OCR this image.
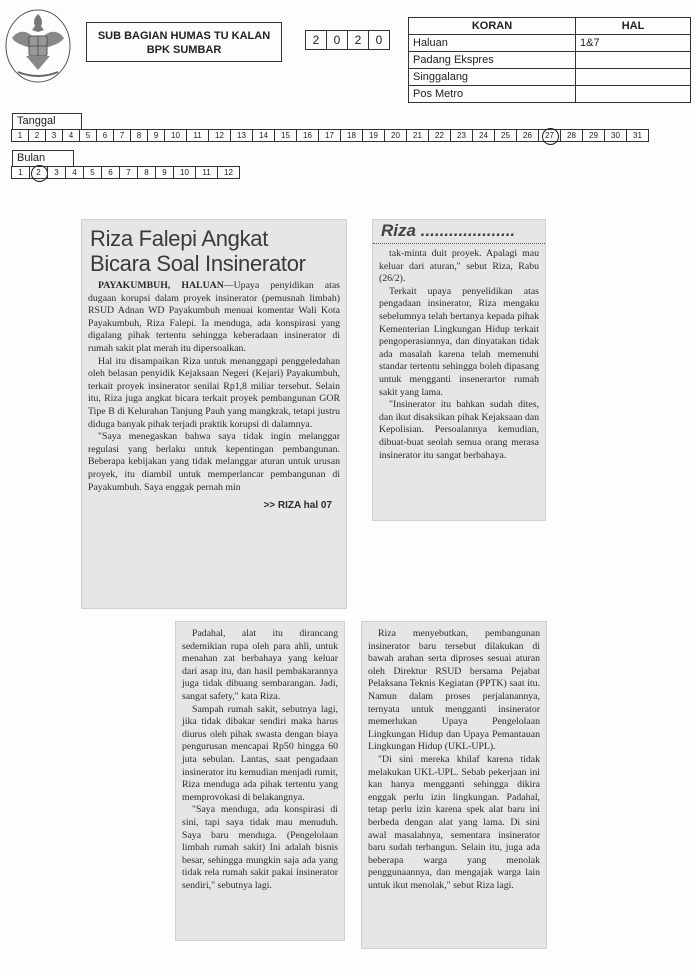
SUB BAGIAN HUMAS TU KALAN
BPK SUMBAR
2	0	2	0
KORAN	HAL
Haluan	1&7
Padang Ekspres	
Singgalang	
Pos Metro	
Tanggal
1	2	3	4	5	6	7	8	9	10	11	12	13	14	15	16	17	18	19	20	21	22	23	24	25	26	27	28	29	30	31
Bulan
1	2	3	4	5	6	7	8	9	10	11	12
Riza Falepi Angkat
Bicara Soal Insinerator

PAYAKUMBUH, HALUAN—Upaya penyidikan atas dugaan korupsi dalam proyek insinerator (pemusnah limbah) RSUD Adnan WD Payakumbuh menuai komentar Wali Kota Payakumbuh, Riza Falepi. Ia menduga, ada konspirasi yang digalang pihak tertentu sehingga keberadaan insinerator di rumah sakit plat merah itu dipersoalkan.

Hal itu disampaikan Riza untuk menanggapi penggeledahan oleh belasan penyidik Kejaksaan Negeri (Kejari) Payakumbuh, terkait proyek insinerator senilai Rp1,8 miliar tersebut. Selain itu, Riza juga angkat bicara terkait proyek pembangunan GOR Tipe B di Kelurahan Tanjung Pauh yang mangkrak, tetapi justru diduga banyak pihak terjadi praktik korupsi di dalamnya.

"Saya menegaskan bahwa saya tidak ingin melanggar regulasi yang berlaku untuk kepentingan pembangunan. Beberapa kebijakan yang tidak melanggar aturan untuk urusan proyek, itu diambil untuk memperlancar pembangunan di Payakumbuh. Saya enggak pernah min

>> RIZA hal 07
Riza ....................

tak-minta duit proyek. Apalagi mau keluar dari aturan," sebut Riza, Rabu (26/2).

Terkait upaya penyelidikan atas pengadaan insinerator, Riza mengaku sebelumnya telah bertanya kepada pihak Kementerian Lingkungan Hidup terkait pengoperasiannya, dan dinyatakan tidak ada masalah karena telah memenuhi standar tertentu sehingga boleh dipasang untuk mengganti insenerartor rumah sakit yang lama.

"Insinerator itu bahkan sudah dites, dan ikut disaksikan pihak Kejaksaan dan Kepolisian. Persoalannya kemudian, dibuat-buat seolah semua orang merasa insinerator itu sangat berbahaya.

Padahal, alat itu dirancang sedemikian rupa oleh para ahli, untuk menahan zat berbahaya yang keluar dari asap itu, dan hasil pembakarannya juga tidak dibuang sembarangan. Jadi, sangat safety," kata Riza.

Sampah rumah sakit, sebutnya lagi, jika tidak dibakar sendiri maka harus diurus oleh pihak swasta dengan biaya pengurusan mencapai Rp50 hingga 60 juta sebulan. Lantas, saat pengadaan insinerator itu kemudian menjadi rumit, Riza menduga ada pihak tertentu yang memprovokasi di belakangnya.

"Saya menduga, ada konspirasi di sini, tapi saya tidak mau menuduh. Saya baru menduga. (Pengelolaan limbah rumah sakit) Ini adalah bisnis besar, sehingga mungkin saja ada yang tidak rela rumah sakit pakai insinerator sendiri," sebutnya lagi.

Riza menyebutkan, pembangunan insinerator baru tersebut dilakukan di bawah arahan serta diproses sesuai aturan oleh Direktur RSUD bersama Pejabat Pelaksana Teknis Kegiatan (PPTK) saat itu. Namun dalam proses perjalanannya, ternyata untuk mengganti insinerator memerlukan Upaya Pengelolaan Lingkungan Hidup dan Upaya Pemantauan Lingkungan Hidup (UKL-UPL).

"Di sini mereka khilaf karena tidak melakukan UKL-UPL. Sebab pekerjaan ini kan hanya mengganti sehingga dikira enggak perlu izin lingkungan. Padahal, tetap perlu izin karena spek alat baru ini berbeda dengan alat yang lama. Di sini awal masalahnya, sementara insinerator baru sudah terbangun. Selain itu, juga ada beberapa warga yang menolak penggunaannya, dan mengajak warga lain untuk ikut menolak," sebut Riza lagi.
